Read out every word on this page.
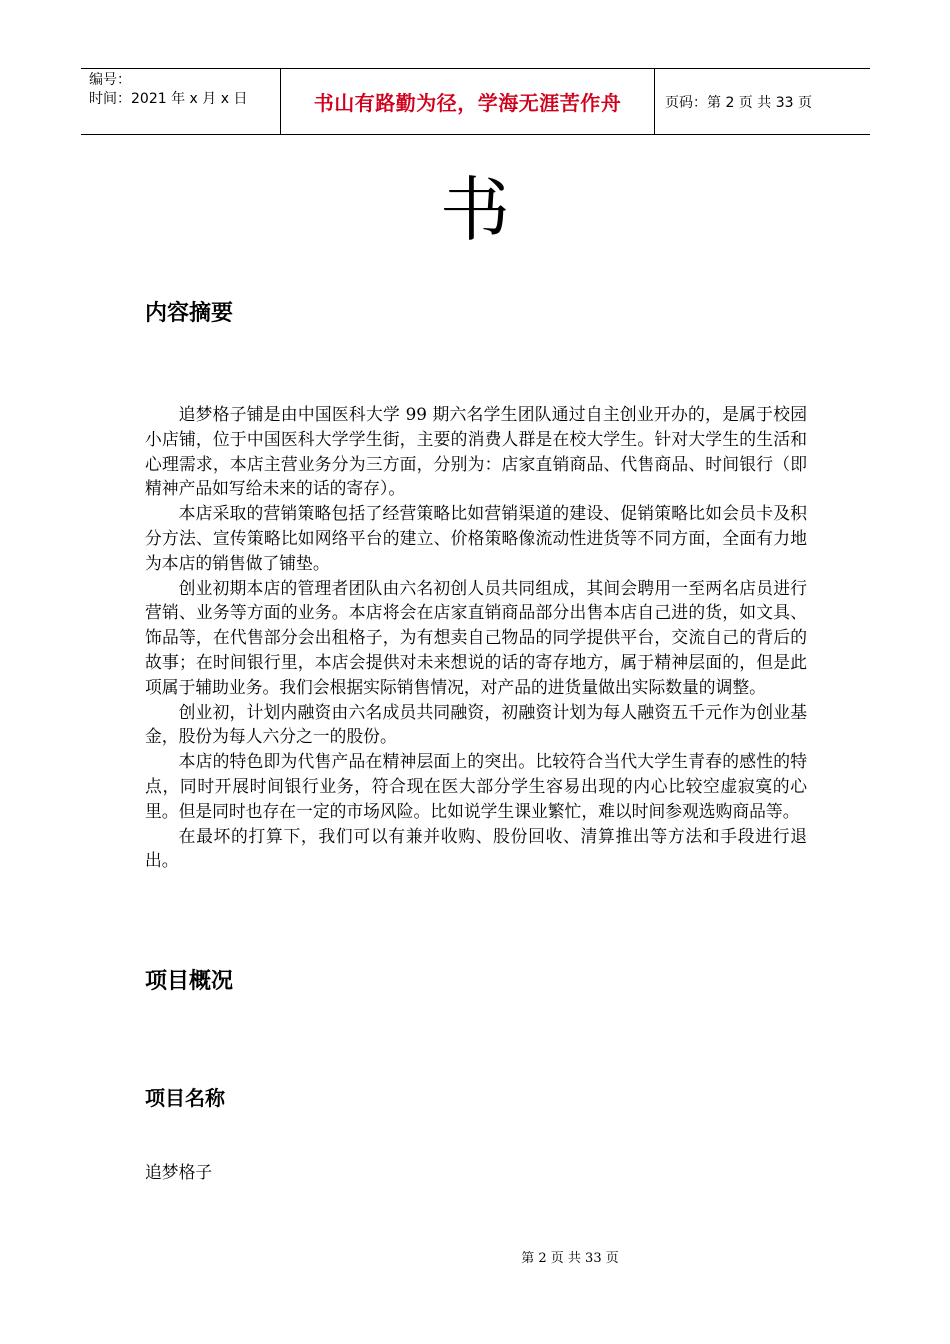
编号：
时间：2021 年 x 月 x 日	书山有路勤为径，学海无涯苦作舟	页码：第 2 页 共 33 页
书
内容摘要

追梦格子铺是由中国医科大学 99 期六名学生团队通过自主创业开办的，是属于校园小店铺，位于中国医科大学学生街，主要的消费人群是在校大学生。针对大学生的生活和心理需求，本店主营业务分为三方面，分别为：店家直销商品、代售商品、时间银行（即精神产品如写给未来的话的寄存）。

本店采取的营销策略包括了经营策略比如营销渠道的建设、促销策略比如会员卡及积分方法、宣传策略比如网络平台的建立、价格策略像流动性进货等不同方面，全面有力地为本店的销售做了铺垫。

创业初期本店的管理者团队由六名初创人员共同组成，其间会聘用一至两名店员进行营销、业务等方面的业务。本店将会在店家直销商品部分出售本店自己进的货，如文具、饰品等，在代售部分会出租格子，为有想卖自己物品的同学提供平台，交流自己的背后的故事；在时间银行里，本店会提供对未来想说的话的寄存地方，属于精神层面的，但是此项属于辅助业务。我们会根据实际销售情况，对产品的进货量做出实际数量的调整。

创业初，计划内融资由六名成员共同融资，初融资计划为每人融资五千元作为创业基金，股份为每人六分之一的股份。

本店的特色即为代售产品在精神层面上的突出。比较符合当代大学生青春的感性的特点，同时开展时间银行业务，符合现在医大部分学生容易出现的内心比较空虚寂寞的心里。但是同时也存在一定的市场风险。比如说学生课业繁忙，难以时间参观选购商品等。

在最坏的打算下，我们可以有兼并收购、股份回收、清算推出等方法和手段进行退出。

项目概况
项目名称
追梦格子
第 2 页 共 33 页
